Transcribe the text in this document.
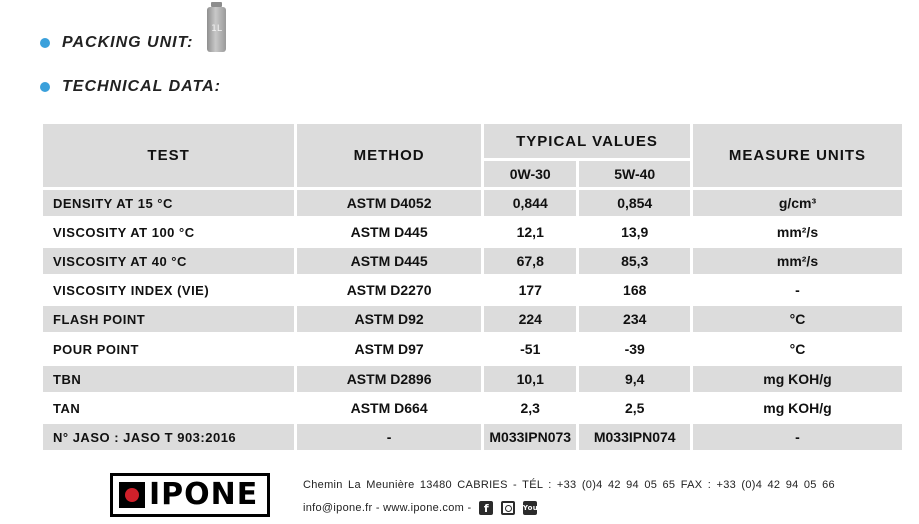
PACKING UNIT:
1L
TECHNICAL DATA:
TEST	METHOD	TYPICAL VALUES		MEASURE UNITS
		0W-30	5W-40	
DENSITY AT 15 °C	ASTM D4052	0,844	0,854	g/cm³
VISCOSITY AT 100 °C	ASTM D445	12,1	13,9	mm²/s
VISCOSITY AT 40 °C	ASTM D445	67,8	85,3	mm²/s
VISCOSITY INDEX (VIE)	ASTM D2270	177	168	-
FLASH POINT	ASTM D92	224	234	°C
POUR POINT	ASTM D97	-51	-39	°C
TBN	ASTM D2896	10,1	9,4	mg KOH/g
TAN	ASTM D664	2,3	2,5	mg KOH/g
N° JASO : JASO T 903:2016	-	M033IPN073	M033IPN074	-
IPONE	Chemin La Meunière 13480 CABRIES - TÉL : +33 (0)4 42 94 05 65 FAX : +33 (0)4 42 94 05 66
info@ipone.fr - www.ipone.com -	f	You
